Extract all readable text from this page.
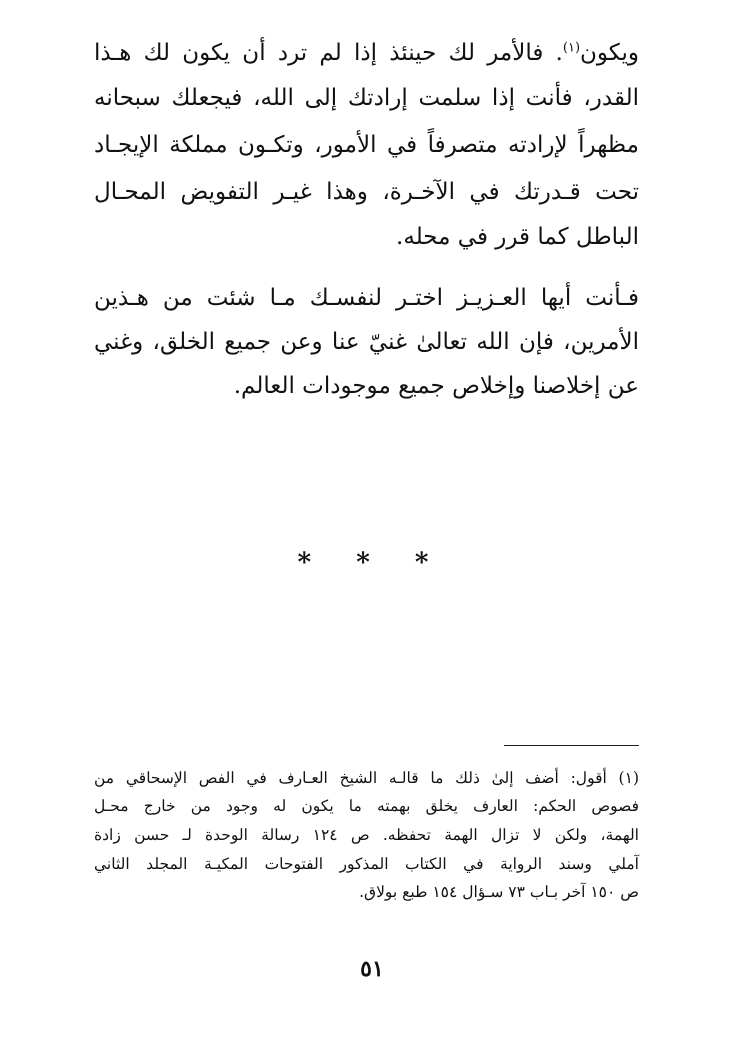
ويكون$^{(١)}$. فالأمر لك حينئذ إذا لم ترد أن يكون لك هـذا
القدر، فأنت إذا سلمت إرادتك إلى الله، فيجعلك سبحانه
مظهراً لإرادته متصرفاً في الأمور، وتكـون مملكة الإيجـاد
تحت قـدرتك في الآخـرة، وهذا غيـر التفويض المحـال
الباطل كما قرر في محله.
فـأنت أيها العـزيـز اختـر لنفسـك مـا شئت من هـذين
الأمرين، فإن الله تعالىٰ غنيّ عنا وعن جميع الخلق، وغني
عن إخلاصنا وإخلاص جميع موجودات العالم.
* * *
(١) أقول: أضف إلىٰ ذلك ما قالـه الشيخ العـارف في الفص الإسحاقي من
فصوص الحكم: العارف يخلق بهمته ما يكون له وجود من خارج محـل
الهمة، ولكن لا تزال الهمة تحفظه. ص ١٢٤ رسالة الوحدة لـ حسن زادة
آملي وسند الرواية في الكتاب المذكور الفتوحات المكيـة المجلد الثاني
ص ١٥٠ آخر بـاب ٧٣ سـؤال ١٥٤ طبع بولاق.
٥١
